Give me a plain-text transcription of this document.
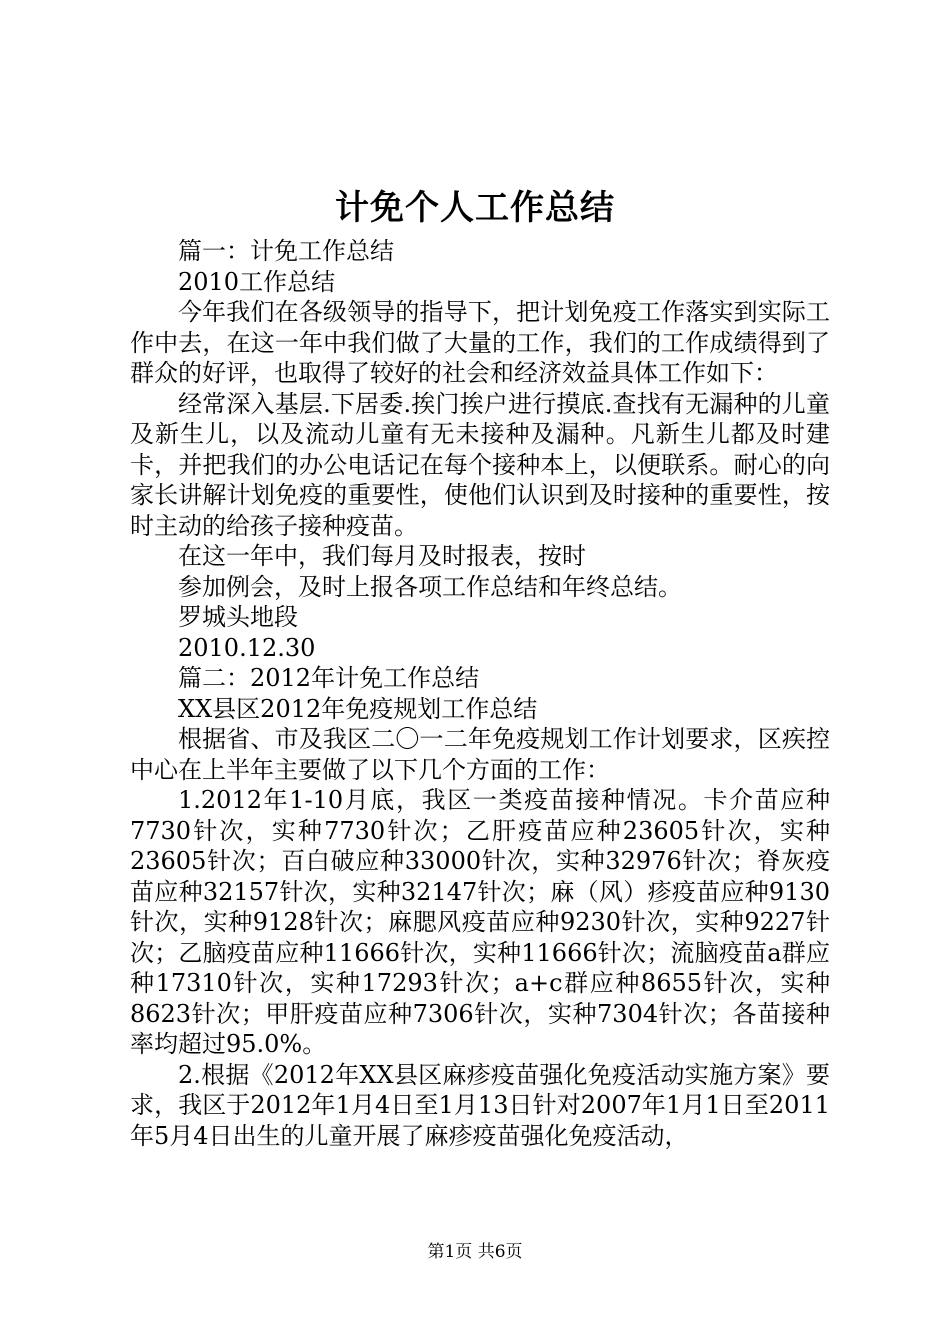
计免个人工作总结

篇一：计免工作总结

2010工作总结

今年我们在各级领导的指导下，把计划免疫工作落实到实际工作中去，在这一年中我们做了大量的工作，我们的工作成绩得到了群众的好评，也取得了较好的社会和经济效益具体工作如下：

经常深入基层.下居委.挨门挨户进行摸底.查找有无漏种的儿童及新生儿，以及流动儿童有无未接种及漏种。凡新生儿都及时建卡，并把我们的办公电话记在每个接种本上，以便联系。耐心的向家长讲解计划免疫的重要性，使他们认识到及时接种的重要性，按时主动的给孩子接种疫苗。

在这一年中，我们每月及时报表，按时

参加例会，及时上报各项工作总结和年终总结。

罗城头地段

2010.12.30

篇二：2012年计免工作总结

XX县区2012年免疫规划工作总结

根据省、市及我区二〇一二年免疫规划工作计划要求，区疾控中心在上半年主要做了以下几个方面的工作：

1.2012年1-10月底，我区一类疫苗接种情况。卡介苗应种7730针次，实种7730针次；乙肝疫苗应种23605针次，实种23605针次；百白破应种33000针次，实种32976针次；脊灰疫苗应种32157针次，实种32147针次；麻（风）疹疫苗应种9130针次，实种9128针次；麻腮风疫苗应种9230针次，实种9227针次；乙脑疫苗应种11666针次，实种11666针次；流脑疫苗a群应种17310针次，实种17293针次；a+c群应种8655针次，实种8623针次；甲肝疫苗应种7306针次，实种7304针次；各苗接种率均超过95.0%。

2.根据《2012年XX县区麻疹疫苗强化免疫活动实施方案》要求，我区于2012年1月4日至1月13日针对2007年1月1日至2011年5月4日出生的儿童开展了麻疹疫苗强化免疫活动，

第1页 共6页
